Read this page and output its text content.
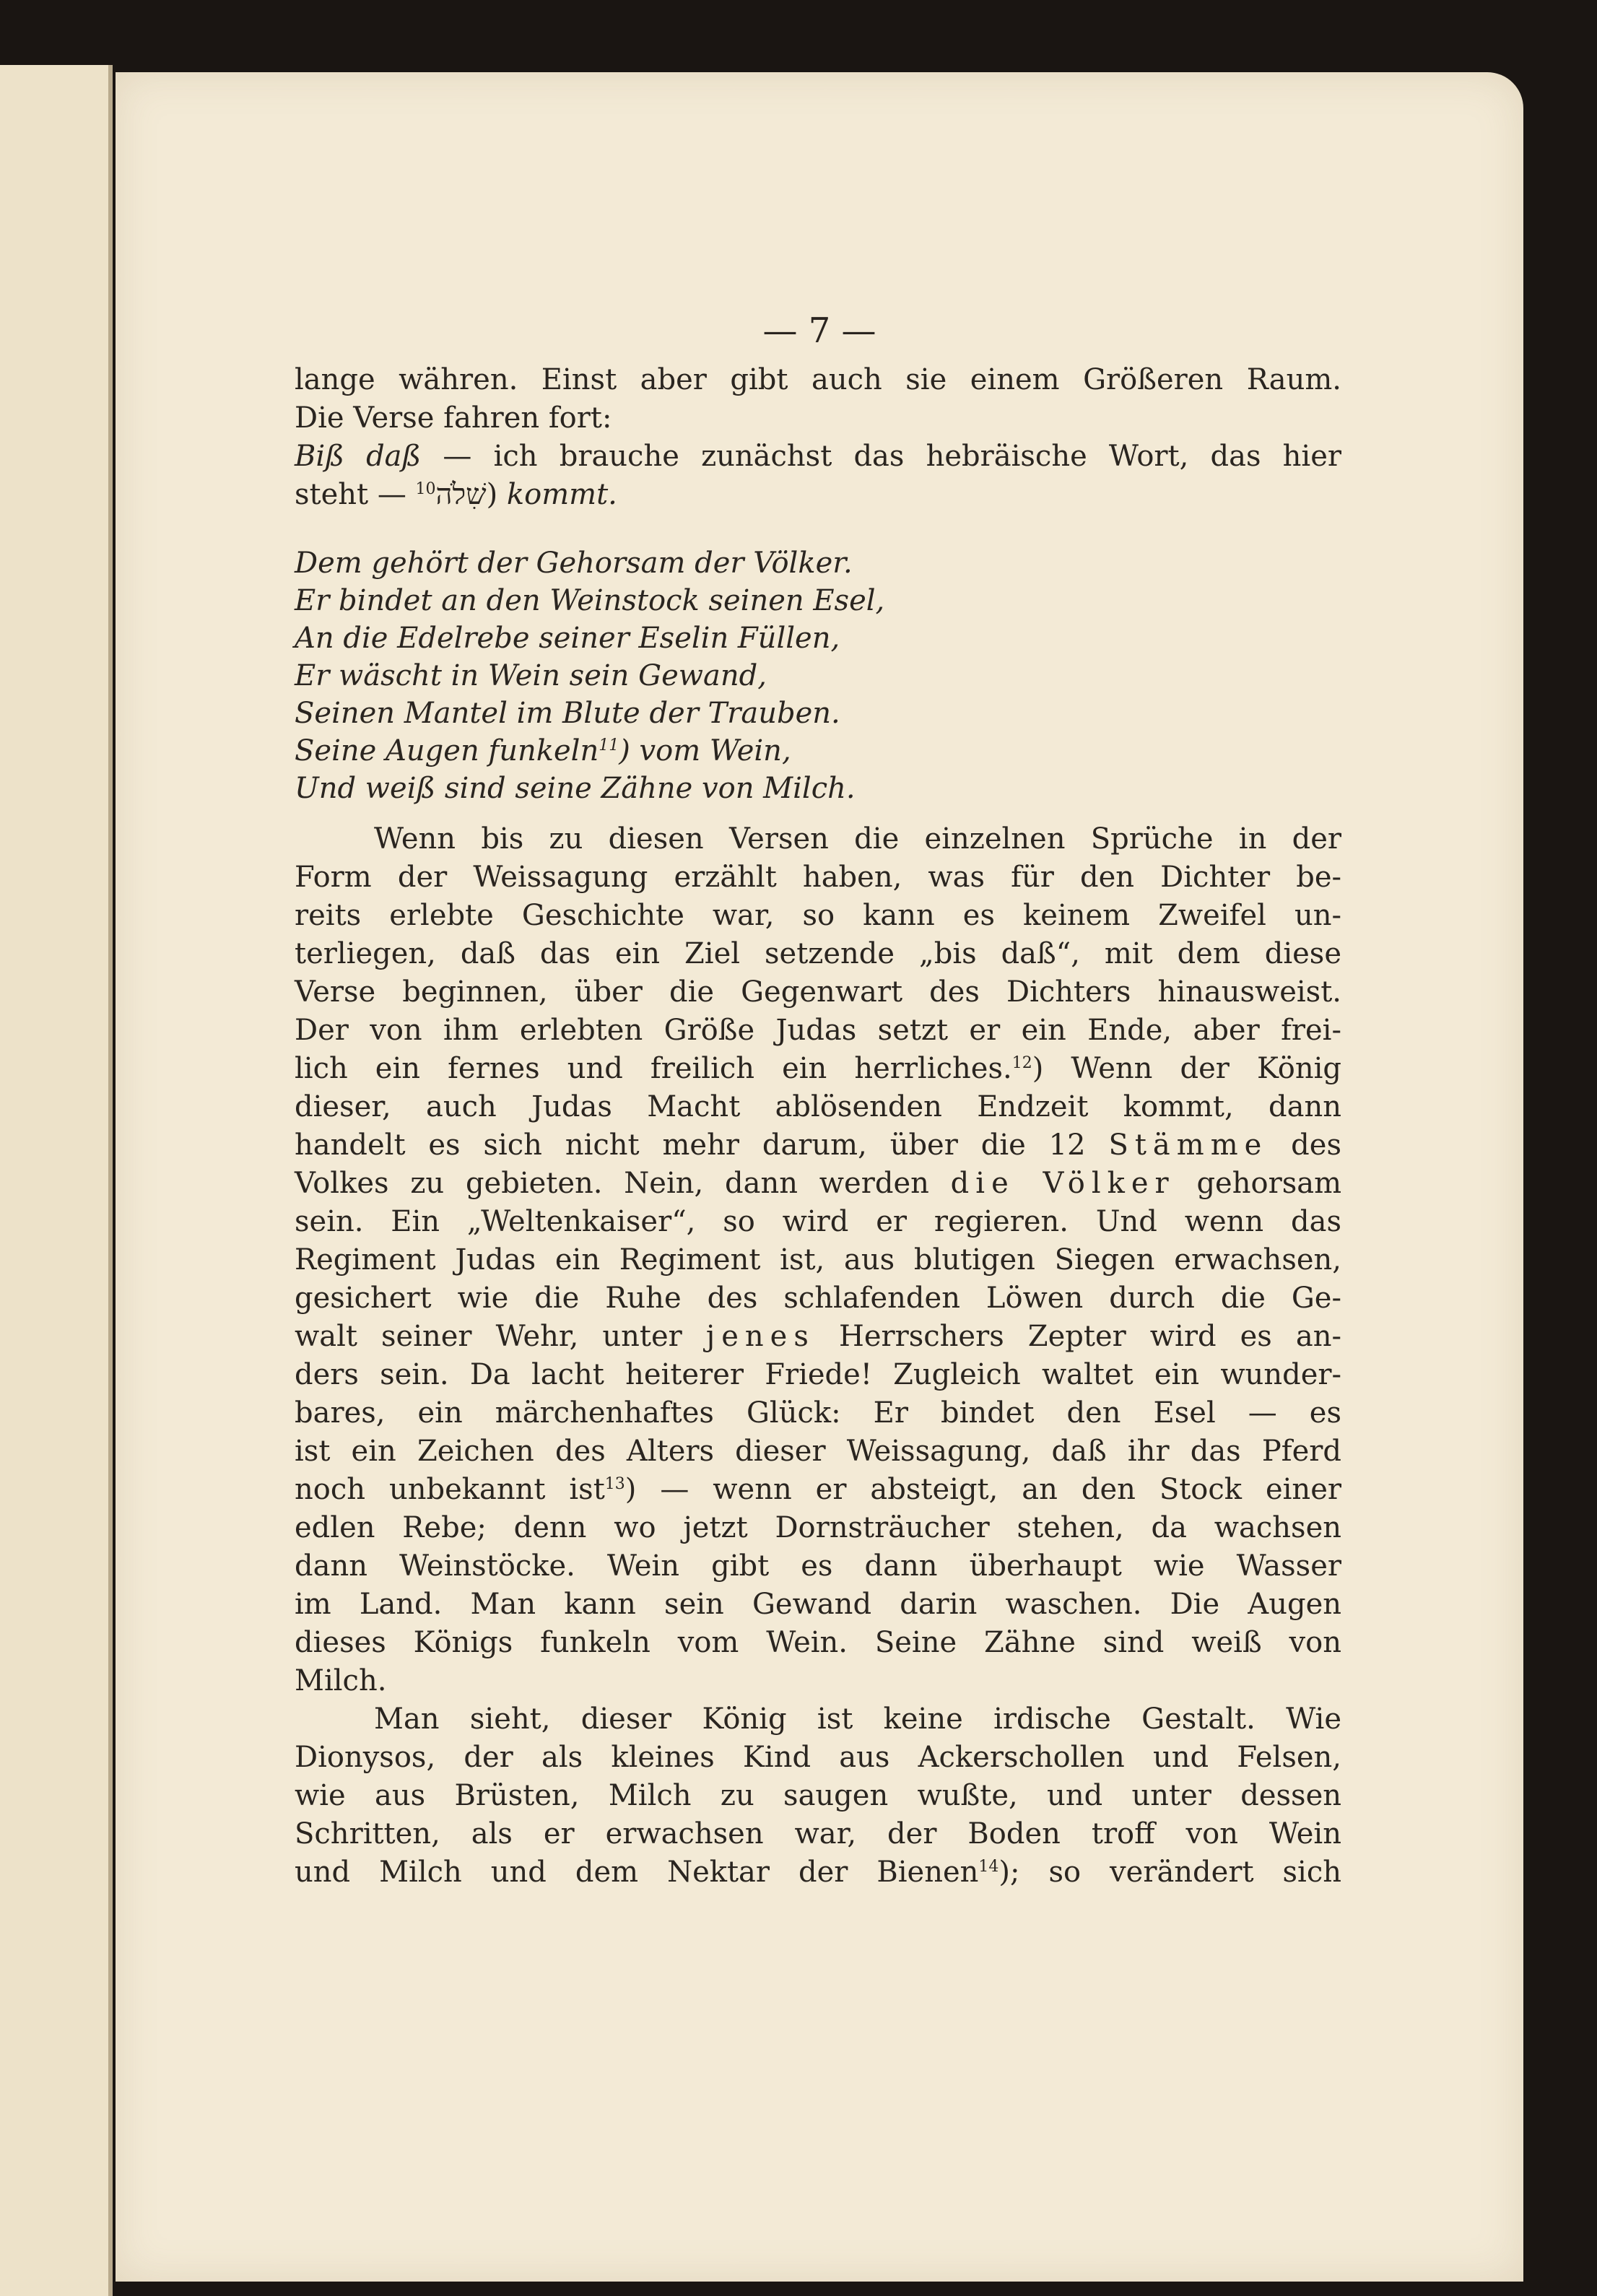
— 7 —

lange währen. Einst aber gibt auch sie einem Größeren Raum.

Die Verse fahren fort:

Biß daß — ich brauche zunächst das hebräische Wort, das hier

steht — שִׁלֹה$^{10}$ ) kommt.

Dem gehört der Gehorsam der Völker.

Er bindet an den Weinstock seinen Esel,

An die Edelrebe seiner Eselin Füllen,

Er wäscht in Wein sein Gewand,

Seinen Mantel im Blute der Trauben.

Seine Augen funkeln$^{11}$) vom Wein,

Und weiß sind seine Zähne von Milch.

Wenn bis zu diesen Versen die einzelnen Sprüche in der

Form der Weissagung erzählt haben, was für den Dichter be-

reits erlebte Geschichte war, so kann es keinem Zweifel un-

terliegen, daß das ein Ziel setzende „bis daß“, mit dem diese

Verse beginnen, über die Gegenwart des Dichters hinausweist.

Der von ihm erlebten Größe Judas setzt er ein Ende, aber frei-

lich ein fernes und freilich ein herrliches.$^{12}$) Wenn der König

dieser, auch Judas Macht ablösenden Endzeit kommt, dann

handelt es sich nicht mehr darum, über die 12 Stämme des

Volkes zu gebieten. Nein, dann werden die Völker gehorsam

sein. Ein „Weltenkaiser“, so wird er regieren. Und wenn das

Regiment Judas ein Regiment ist, aus blutigen Siegen erwachsen,

gesichert wie die Ruhe des schlafenden Löwen durch die Ge-

walt seiner Wehr, unter jenes Herrschers Zepter wird es an-

ders sein. Da lacht heiterer Friede! Zugleich waltet ein wunder-

bares, ein märchenhaftes Glück: Er bindet den Esel — es

ist ein Zeichen des Alters dieser Weissagung, daß ihr das Pferd

noch unbekannt ist$^{13}$) — wenn er absteigt, an den Stock einer

edlen Rebe; denn wo jetzt Dornsträucher stehen, da wachsen

dann Weinstöcke. Wein gibt es dann überhaupt wie Wasser

im Land. Man kann sein Gewand darin waschen. Die Augen

dieses Königs funkeln vom Wein. Seine Zähne sind weiß von

Milch.

Man sieht, dieser König ist keine irdische Gestalt. Wie

Dionysos, der als kleines Kind aus Ackerschollen und Felsen,

wie aus Brüsten, Milch zu saugen wußte, und unter dessen

Schritten, als er erwachsen war, der Boden troff von Wein

und Milch und dem Nektar der Bienen$^{14}$); so verändert sich
